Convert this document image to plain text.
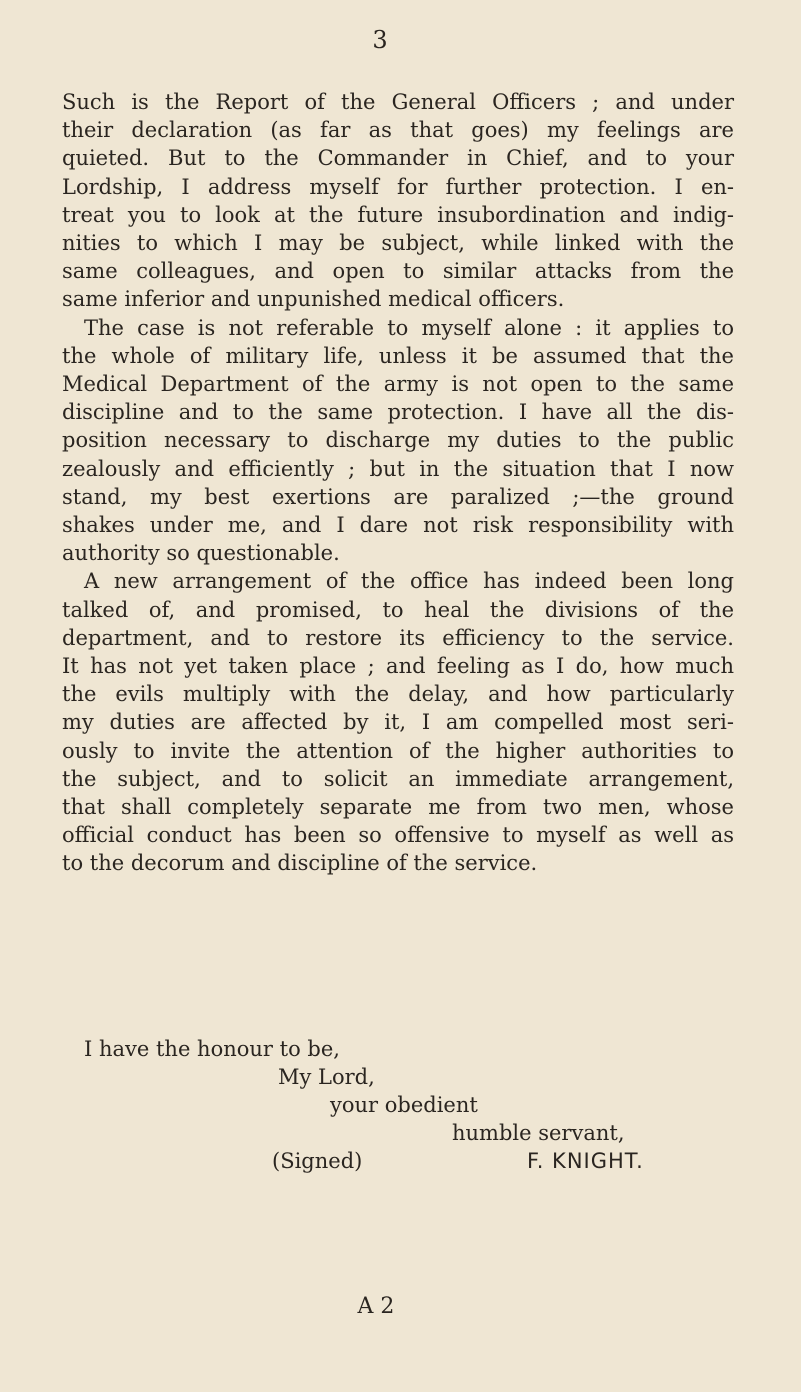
3
Such is the Report of the General Officers ; and under
their declaration (as far as that goes) my feelings are
quieted. But to the Commander in Chief, and to your
Lordship, I address myself for further protection. I en-
treat you to look at the future insubordination and indig-
nities to which I may be subject, while linked with the
same colleagues, and open to similar attacks from the
same inferior and unpunished medical officers.
The case is not referable to myself alone : it applies to
the whole of military life, unless it be assumed that the
Medical Department of the army is not open to the same
discipline and to the same protection. I have all the dis-
position necessary to discharge my duties to the public
zealously and efficiently ; but in the situation that I now
stand, my best exertions are paralized ;—the ground
shakes under me, and I dare not risk responsibility with
authority so questionable.
A new arrangement of the office has indeed been long
talked of, and promised, to heal the divisions of the
department, and to restore its efficiency to the service.
It has not yet taken place ; and feeling as I do, how much
the evils multiply with the delay, and how particularly
my duties are affected by it, I am compelled most seri-
ously to invite the attention of the higher authorities to
the subject, and to solicit an immediate arrangement,
that shall completely separate me from two men, whose
official conduct has been so offensive to myself as well as
to the decorum and discipline of the service.
I have the honour to be,
My Lord,
your obedient
humble servant,
(Signed)	F. KNIGHT.
A 2
